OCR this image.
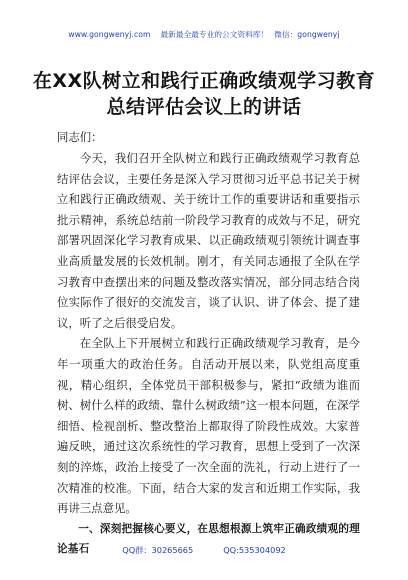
www.gongwenyj.com 最新最全最专业的公文资料库！ 微信：gongwenyj
在XX队树立和践行正确政绩观学习教育
总结评估会议上的讲话
同志们：

今天，我们召开全队树立和践行正确政绩观学习教育总结评估会议，主要任务是深入学习贯彻习近平总书记关于树立和践行正确政绩观、关于统计工作的重要讲话和重要指示批示精神，系统总结前一阶段学习教育的成效与不足，研究部署巩固深化学习教育成果、以正确政绩观引领统计调查事业高质量发展的长效机制。刚才，有关同志通报了全队在学习教育中查摆出来的问题及整改落实情况，部分同志结合岗位实际作了很好的交流发言，谈了认识、讲了体会、提了建议，听了之后很受启发。

在全队上下开展树立和践行正确政绩观学习教育，是今年一项重大的政治任务。自活动开展以来，队党组高度重视，精心组织，全体党员干部积极参与，紧扣“政绩为谁而树、树什么样的政绩、靠什么树政绩”这一根本问题，在深学细悟、检视剖析、整改整治上都取得了阶段性成效。大家普遍反映，通过这次系统性的学习教育，思想上受到了一次深刻的淬炼，政治上接受了一次全面的洗礼，行动上进行了一次精准的校准。下面，结合大家的发言和近期工作实际，我再讲三点意见。

一、深刻把握核心要义，在思想根源上筑牢正确政绩观的理论基石	QQ群：30265665	QQ:535304092
